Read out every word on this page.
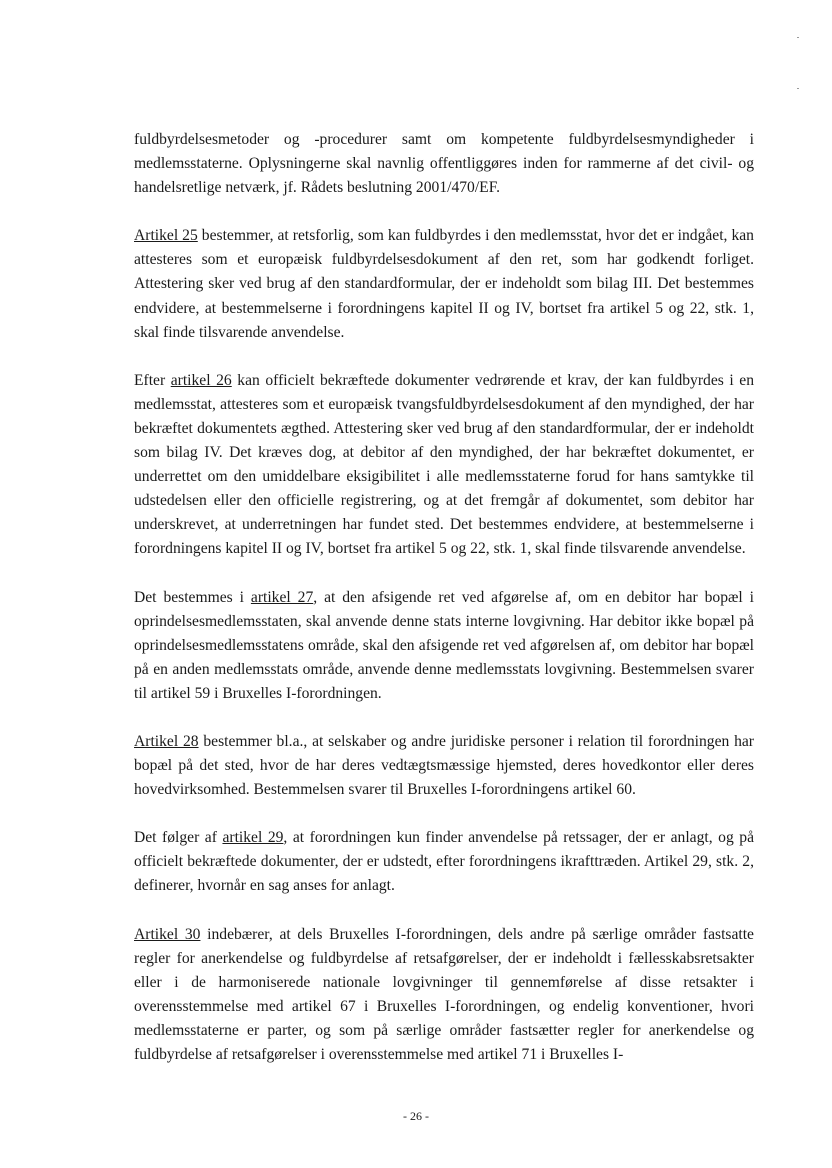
fuldbyrdelsesmetoder og -procedurer samt om kompetente fuldbyrdelsesmyndigheder i medlemsstaterne. Oplysningerne skal navnlig offentliggøres inden for rammerne af det civil- og handelsretlige netværk, jf. Rådets beslutning 2001/470/EF.

Artikel 25 bestemmer, at retsforlig, som kan fuldbyrdes i den medlemsstat, hvor det er indgået, kan attesteres som et europæisk fuldbyrdelsesdokument af den ret, som har godkendt forliget. Attestering sker ved brug af den standardformular, der er indeholdt som bilag III. Det bestemmes endvidere, at bestemmelserne i forordningens kapitel II og IV, bortset fra artikel 5 og 22, stk. 1, skal finde tilsvarende anvendelse.

Efter artikel 26 kan officielt bekræftede dokumenter vedrørende et krav, der kan fuldbyrdes i en medlemsstat, attesteres som et europæisk tvangsfuldbyrdelsesdokument af den myndighed, der har bekræftet dokumentets ægthed. Attestering sker ved brug af den standardformular, der er indeholdt som bilag IV. Det kræves dog, at debitor af den myndighed, der har bekræftet dokumentet, er underrettet om den umiddelbare eksigibilitet i alle medlemsstaterne forud for hans samtykke til udstedelsen eller den officielle registrering, og at det fremgår af dokumentet, som debitor har underskrevet, at underretningen har fundet sted. Det bestemmes endvidere, at bestemmelserne i forordningens kapitel II og IV, bortset fra artikel 5 og 22, stk. 1, skal finde tilsvarende anvendelse.

Det bestemmes i artikel 27, at den afsigende ret ved afgørelse af, om en debitor har bopæl i oprindelsesmedlemsstaten, skal anvende denne stats interne lovgivning. Har debitor ikke bopæl på oprindelsesmedlemsstatens område, skal den afsigende ret ved afgørelsen af, om debitor har bopæl på en anden medlemsstats område, anvende denne medlemsstats lovgivning. Bestemmelsen svarer til artikel 59 i Bruxelles I-forordningen.

Artikel 28 bestemmer bl.a., at selskaber og andre juridiske personer i relation til forordningen har bopæl på det sted, hvor de har deres vedtægtsmæssige hjemsted, deres hovedkontor eller deres hovedvirksomhed. Bestemmelsen svarer til Bruxelles I-forordningens artikel 60.

Det følger af artikel 29, at forordningen kun finder anvendelse på retssager, der er anlagt, og på officielt bekræftede dokumenter, der er udstedt, efter forordningens ikrafttræden. Artikel 29, stk. 2, definerer, hvornår en sag anses for anlagt.

Artikel 30 indebærer, at dels Bruxelles I-forordningen, dels andre på særlige områder fastsatte regler for anerkendelse og fuldbyrdelse af retsafgørelser, der er indeholdt i fællesskabsretsakter eller i de harmoniserede nationale lovgivninger til gennemførelse af disse retsakter i overensstemmelse med artikel 67 i Bruxelles I-forordningen, og endelig konventioner, hvori medlemsstaterne er parter, og som på særlige områder fastsætter regler for anerkendelse og fuldbyrdelse af retsafgørelser i overensstemmelse med artikel 71 i Bruxelles I-

- 26 -
